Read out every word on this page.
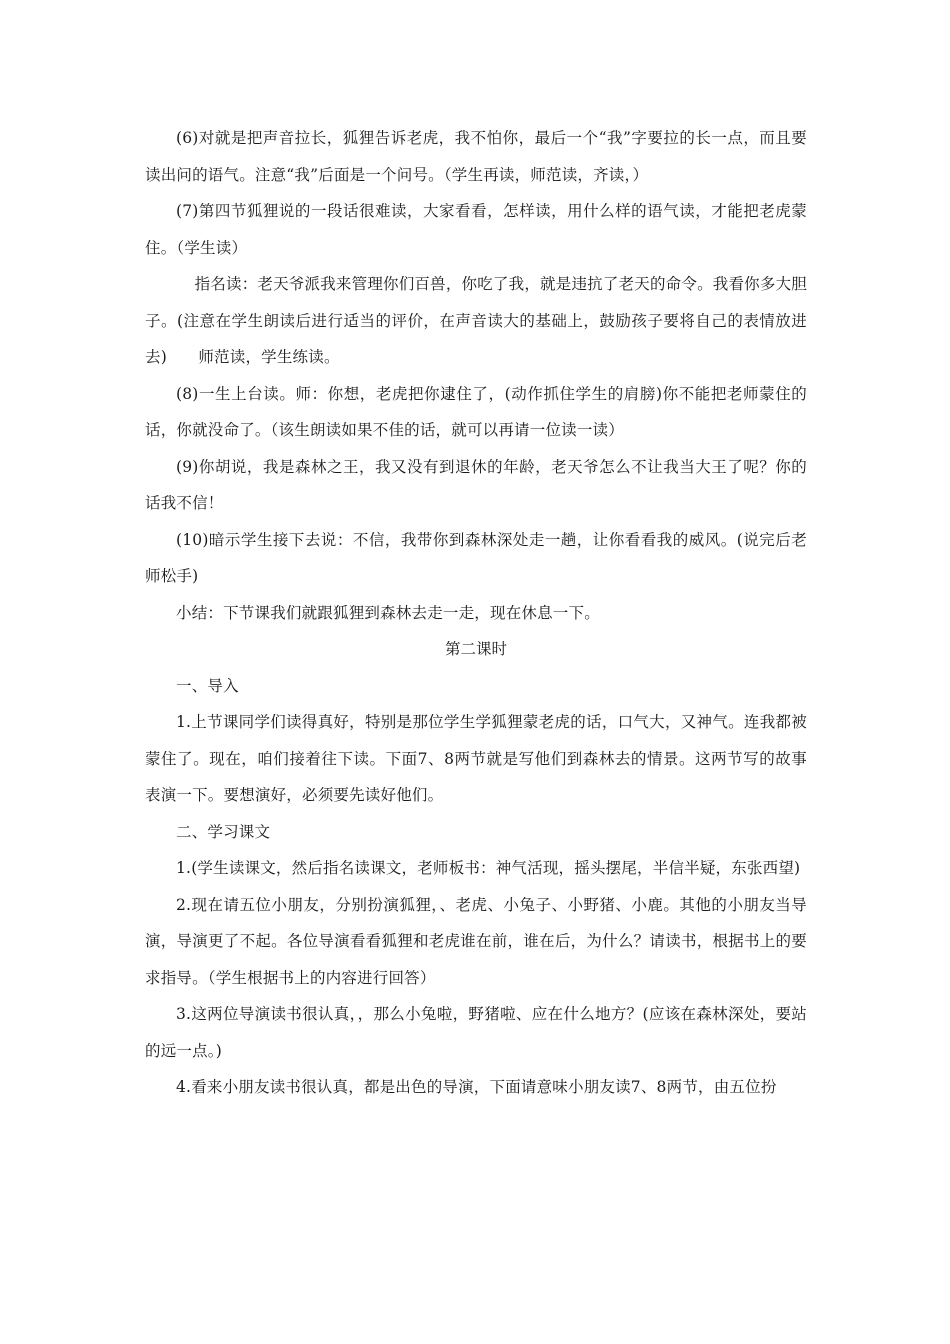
(6)对就是把声音拉长，狐狸告诉老虎，我不怕你，最后一个“我”字要拉的长一点，而且要读出问的语气。注意“我”后面是一个问号。（学生再读，师范读，齐读，）

(7)第四节狐狸说的一段话很难读，大家看看，怎样读，用什么样的语气读，才能把老虎蒙住。（学生读）

指名读：老天爷派我来管理你们百兽，你吃了我，就是违抗了老天的命令。我看你多大胆子。(注意在学生朗读后进行适当的评价，在声音读大的基础上，鼓励孩子要将自己的表情放进去)　　师范读，学生练读。

(8)一生上台读。师：你想，老虎把你逮住了，(动作抓住学生的肩膀)你不能把老师蒙住的话，你就没命了。（该生朗读如果不佳的话，就可以再请一位读一读）

(9)你胡说，我是森林之王，我又没有到退休的年龄，老天爷怎么不让我当大王了呢？你的话我不信！

(10)暗示学生接下去说：不信，我带你到森林深处走一趟，让你看看我的威风。(说完后老师松手)

小结：下节课我们就跟狐狸到森林去走一走，现在休息一下。

第二课时

一、导入

1.上节课同学们读得真好，特别是那位学生学狐狸蒙老虎的话，口气大，又神气。连我都被蒙住了。现在，咱们接着往下读。下面7、8两节就是写他们到森林去的情景。这两节写的故事表演一下。要想演好，必须要先读好他们。

二、学习课文

1.(学生读课文，然后指名读课文，老师板书：神气活现，摇头摆尾，半信半疑，东张西望)

2.现在请五位小朋友，分别扮演狐狸，、老虎、小兔子、小野猪、小鹿。其他的小朋友当导演，导演更了不起。各位导演看看狐狸和老虎谁在前，谁在后，为什么？请读书，根据书上的要求指导。（学生根据书上的内容进行回答）

3.这两位导演读书很认真，，那么小兔啦，野猪啦、应在什么地方？(应该在森林深处，要站的远一点。)

4.看来小朋友读书很认真，都是出色的导演，下面请意味小朋友读7、8两节，由五位扮
